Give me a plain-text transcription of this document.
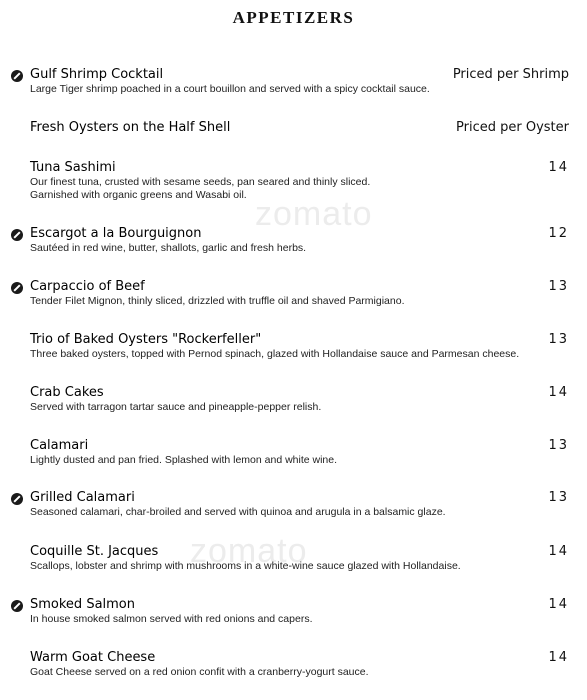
APPETIZERS
zomato
zomato
Gulf Shrimp Cocktail	Priced per Shrimp
Large Tiger shrimp poached in a court bouillon and served with a spicy cocktail sauce.
Fresh Oysters on the Half Shell	Priced per Oyster
Tuna Sashimi	14
Our finest tuna, crusted with sesame seeds, pan seared and thinly sliced.
Garnished with organic greens and Wasabi oil.
Escargot a la Bourguignon	12
Sautéed in red wine, butter, shallots, garlic and fresh herbs.
Carpaccio of Beef	13
Tender Filet Mignon, thinly sliced, drizzled with truffle oil and shaved Parmigiano.
Trio of Baked Oysters "Rockerfeller"	13
Three baked oysters, topped with Pernod spinach, glazed with Hollandaise sauce and Parmesan cheese.
Crab Cakes	14
Served with tarragon tartar sauce and pineapple-pepper relish.
Calamari	13
Lightly dusted and pan fried. Splashed with lemon and white wine.
Grilled Calamari	13
Seasoned calamari, char-broiled and served with quinoa and arugula in a balsamic glaze.
Coquille St. Jacques	14
Scallops, lobster and shrimp with mushrooms in a white-wine sauce glazed with Hollandaise.
Smoked Salmon	14
In house smoked salmon served with red onions and capers.
Warm Goat Cheese	14
Goat Cheese served on a red onion confit with a cranberry-yogurt sauce.
